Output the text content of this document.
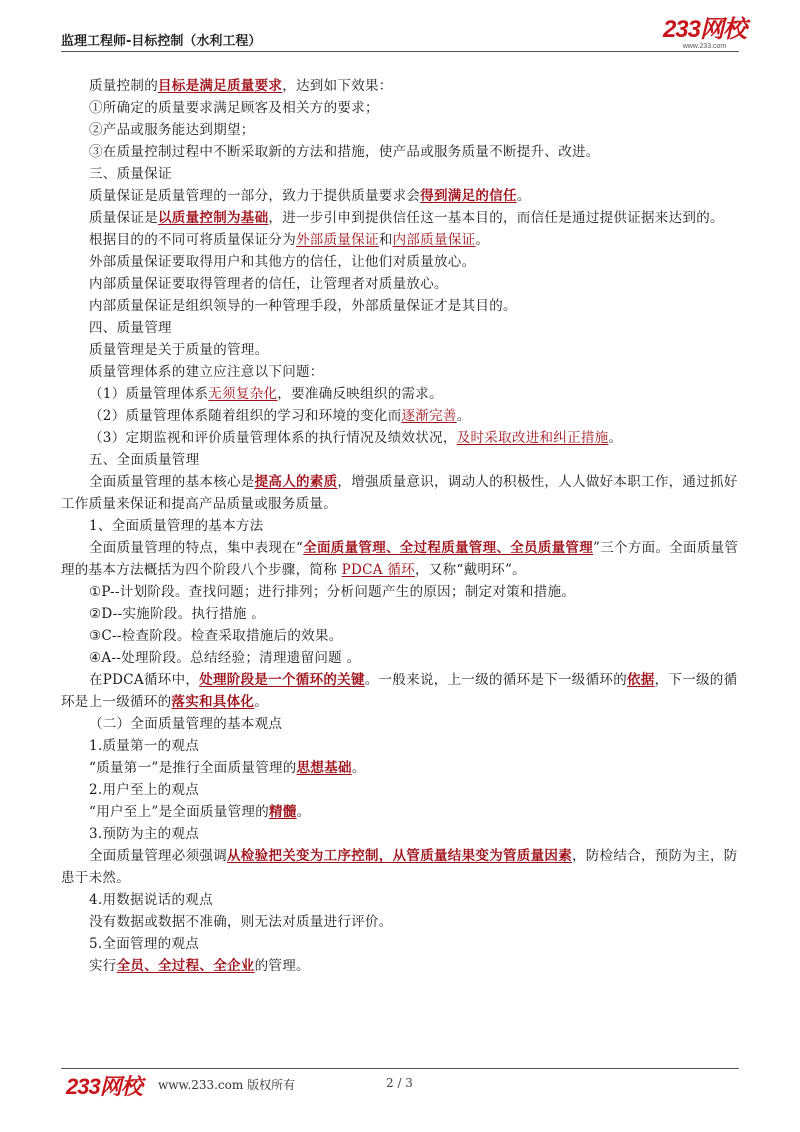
监理工程师-目标控制（水利工程）	233网校
www.233.com

质量控制的目标是满足质量要求，达到如下效果：

①所确定的质量要求满足顾客及相关方的要求；

②产品或服务能达到期望；

③在质量控制过程中不断采取新的方法和措施，使产品或服务质量不断提升、改进。

三、质量保证

质量保证是质量管理的一部分，致力于提供质量要求会得到满足的信任。

质量保证是以质量控制为基础，进一步引申到提供信任这一基本目的，而信任是通过提供证据来达到的。

根据目的的不同可将质量保证分为外部质量保证和内部质量保证。

外部质量保证要取得用户和其他方的信任，让他们对质量放心。

内部质量保证要取得管理者的信任，让管理者对质量放心。

内部质量保证是组织领导的一种管理手段，外部质量保证才是其目的。

四、质量管理

质量管理是关于质量的管理。

质量管理体系的建立应注意以下问题：

（1）质量管理体系无须复杂化，要准确反映组织的需求。

（2）质量管理体系随着组织的学习和环境的变化而逐渐完善。

（3）定期监视和评价质量管理体系的执行情况及绩效状况，及时采取改进和纠正措施。

五、全面质量管理

全面质量管理的基本核心是提高人的素质，增强质量意识，调动人的积极性，人人做好本职工作，通过抓好工作质量来保证和提高产品质量或服务质量。

1、全面质量管理的基本方法

全面质量管理的特点，集中表现在“全面质量管理、全过程质量管理、全员质量管理”三个方面。全面质量管理的基本方法概括为四个阶段八个步骤，简称 PDCA 循环，又称“戴明环”。

①P--计划阶段。查找问题；进行排列；分析问题产生的原因；制定对策和措施。

②D--实施阶段。执行措施 。

③C--检查阶段。检查采取措施后的效果。

④A--处理阶段。总结经验；清理遗留问题 。

在PDCA循环中，处理阶段是一个循环的关键。一般来说，上一级的循环是下一级循环的依据，下一级的循环是上一级循环的落实和具体化。

（二）全面质量管理的基本观点

1.质量第一的观点

“质量第一”是推行全面质量管理的思想基础。

2.用户至上的观点

“用户至上”是全面质量管理的精髓。

3.预防为主的观点

全面质量管理必须强调从检验把关变为工序控制，从管质量结果变为管质量因素，防检结合，预防为主，防患于未然。

4.用数据说话的观点

没有数据或数据不准确，则无法对质量进行评价。

5.全面管理的观点

实行全员、全过程、全企业的管理。

233网校 www.233.com 版权所有	2 / 3
